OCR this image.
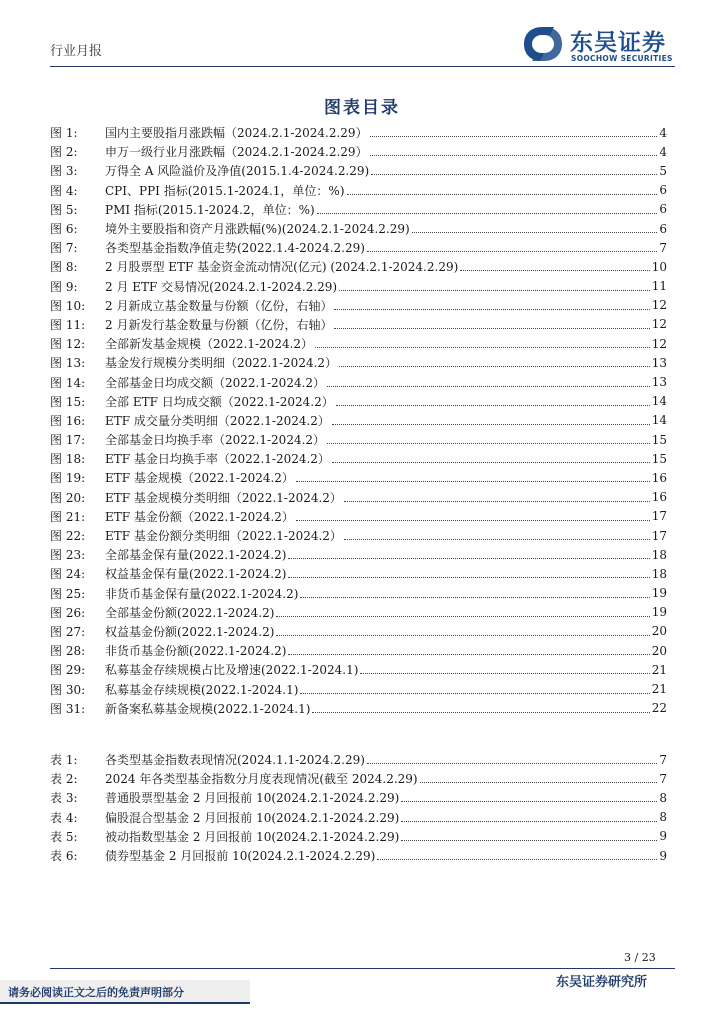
行业月报	东吴证券
SOOCHOW SECURITIES
图表目录
图 1:	国内主要股指月涨跌幅（2024.2.1-2024.2.29）	4
图 2:	申万一级行业月涨跌幅（2024.2.1-2024.2.29）	4
图 3:	万得全 A 风险溢价及净值(2015.1.4-2024.2.29)	5
图 4:	CPI、PPI 指标(2015.1-2024.1，单位：%)	6
图 5:	PMI 指标(2015.1-2024.2，单位：%)	6
图 6:	境外主要股指和资产月涨跌幅(%)(2024.2.1-2024.2.29)	6
图 7:	各类型基金指数净值走势(2022.1.4-2024.2.29)	7
图 8:	2 月股票型 ETF 基金资金流动情况(亿元) (2024.2.1-2024.2.29)	10
图 9:	2 月 ETF 交易情况(2024.2.1-2024.2.29)	11
图 10:	2 月新成立基金数量与份额（亿份，右轴）	12
图 11:	2 月新发行基金数量与份额（亿份，右轴）	12
图 12:	全部新发基金规模（2022.1-2024.2）	12
图 13:	基金发行规模分类明细（2022.1-2024.2）	13
图 14:	全部基金日均成交额（2022.1-2024.2）	13
图 15:	全部 ETF 日均成交额（2022.1-2024.2）	14
图 16:	ETF 成交量分类明细（2022.1-2024.2）	14
图 17:	全部基金日均换手率（2022.1-2024.2）	15
图 18:	ETF 基金日均换手率（2022.1-2024.2）	15
图 19:	ETF 基金规模（2022.1-2024.2）	16
图 20:	ETF 基金规模分类明细（2022.1-2024.2）	16
图 21:	ETF 基金份额（2022.1-2024.2）	17
图 22:	ETF 基金份额分类明细（2022.1-2024.2）	17
图 23:	全部基金保有量(2022.1-2024.2)	18
图 24:	权益基金保有量(2022.1-2024.2)	18
图 25:	非货币基金保有量(2022.1-2024.2)	19
图 26:	全部基金份额(2022.1-2024.2)	19
图 27:	权益基金份额(2022.1-2024.2)	20
图 28:	非货币基金份额(2022.1-2024.2)	20
图 29:	私募基金存续规模占比及增速(2022.1-2024.1)	21
图 30:	私募基金存续规模(2022.1-2024.1)	21
图 31:	新备案私募基金规模(2022.1-2024.1)	22
表 1:	各类型基金指数表现情况(2024.1.1-2024.2.29)	7
表 2:	2024 年各类型基金指数分月度表现情况(截至 2024.2.29)	7
表 3:	普通股票型基金 2 月回报前 10(2024.2.1-2024.2.29)	8
表 4:	偏股混合型基金 2 月回报前 10(2024.2.1-2024.2.29)	8
表 5:	被动指数型基金 2 月回报前 10(2024.2.1-2024.2.29)	9
表 6:	债券型基金 2 月回报前 10(2024.2.1-2024.2.29)	9
3 / 23
东吴证券研究所
请务必阅读正文之后的免责声明部分
